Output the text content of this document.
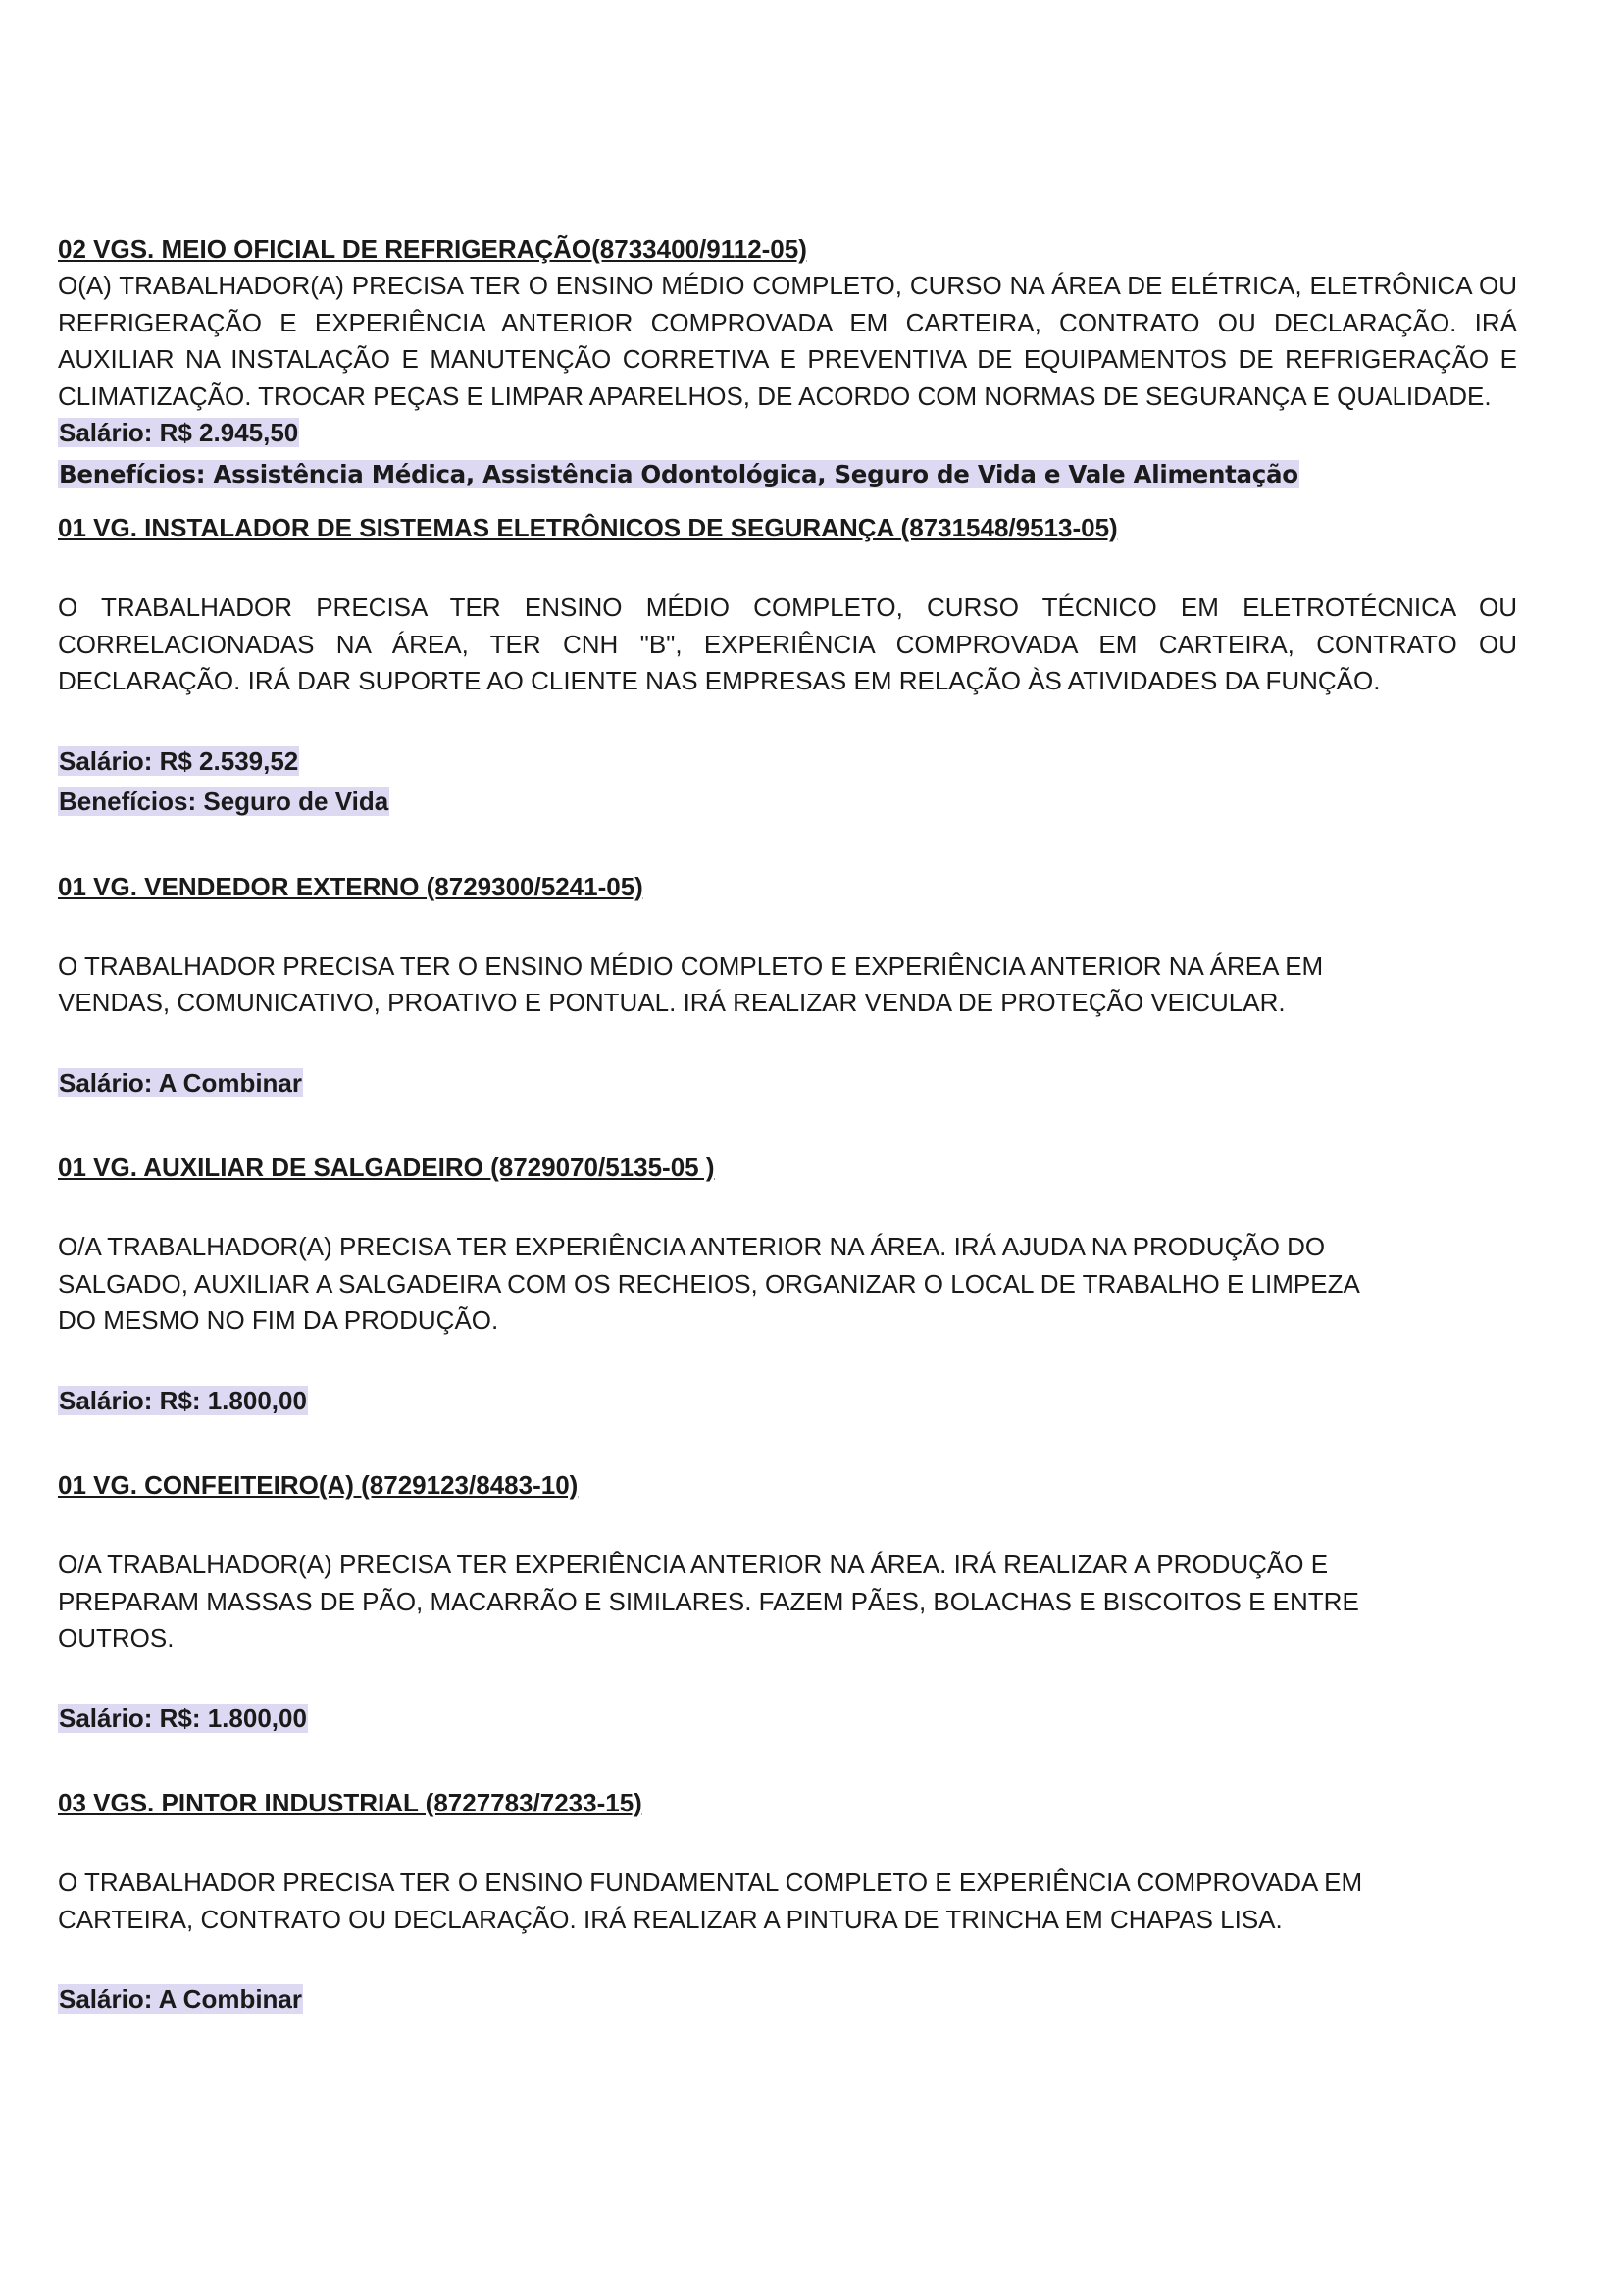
02 VGS. MEIO OFICIAL DE REFRIGERAÇÃO(8733400/9112-05)

O(A) TRABALHADOR(A) PRECISA TER O ENSINO MÉDIO COMPLETO, CURSO NA ÁREA DE ELÉTRICA, ELETRÔNICA OU REFRIGERAÇÃO E EXPERIÊNCIA ANTERIOR COMPROVADA EM CARTEIRA, CONTRATO OU DECLARAÇÃO. IRÁ AUXILIAR NA INSTALAÇÃO E MANUTENÇÃO CORRETIVA E PREVENTIVA DE EQUIPAMENTOS DE REFRIGERAÇÃO E CLIMATIZAÇÃO. TROCAR PEÇAS E LIMPAR APARELHOS, DE ACORDO COM NORMAS DE SEGURANÇA E QUALIDADE.

Salário: R$ 2.945,50
Benefícios: Assistência Médica, Assistência Odontológica, Seguro de Vida e Vale Alimentação

01 VG. INSTALADOR DE SISTEMAS ELETRÔNICOS DE SEGURANÇA (8731548/9513-05)

O TRABALHADOR PRECISA TER ENSINO MÉDIO COMPLETO, CURSO TÉCNICO EM ELETROTÉCNICA OU CORRELACIONADAS NA ÁREA, TER CNH "B", EXPERIÊNCIA COMPROVADA EM CARTEIRA, CONTRATO OU DECLARAÇÃO. IRÁ DAR SUPORTE AO CLIENTE NAS EMPRESAS EM RELAÇÃO ÀS ATIVIDADES DA FUNÇÃO.

Salário: R$ 2.539,52
Benefícios: Seguro de Vida

01 VG. VENDEDOR EXTERNO (8729300/5241-05)

O TRABALHADOR PRECISA TER O ENSINO MÉDIO COMPLETO E EXPERIÊNCIA ANTERIOR NA ÁREA EM

VENDAS, COMUNICATIVO, PROATIVO E PONTUAL. IRÁ REALIZAR VENDA DE PROTEÇÃO VEICULAR.

Salário: A Combinar

01 VG. AUXILIAR DE SALGADEIRO (8729070/5135-05 )

O/A TRABALHADOR(A) PRECISA TER EXPERIÊNCIA ANTERIOR NA ÁREA. IRÁ AJUDA NA PRODUÇÃO DO

SALGADO, AUXILIAR A SALGADEIRA COM OS RECHEIOS, ORGANIZAR O LOCAL DE TRABALHO E LIMPEZA

DO MESMO NO FIM DA PRODUÇÃO.

Salário: R$: 1.800,00

01 VG. CONFEITEIRO(A) (8729123/8483-10)

O/A TRABALHADOR(A) PRECISA TER EXPERIÊNCIA ANTERIOR NA ÁREA. IRÁ REALIZAR A PRODUÇÃO E

PREPARAM MASSAS DE PÃO, MACARRÃO E SIMILARES. FAZEM PÃES, BOLACHAS E BISCOITOS E ENTRE

OUTROS.

Salário: R$: 1.800,00

03 VGS. PINTOR INDUSTRIAL (8727783/7233-15)

O TRABALHADOR PRECISA TER O ENSINO FUNDAMENTAL COMPLETO E EXPERIÊNCIA COMPROVADA EM

CARTEIRA, CONTRATO OU DECLARAÇÃO. IRÁ REALIZAR A PINTURA DE TRINCHA EM CHAPAS LISA.

Salário: A Combinar
